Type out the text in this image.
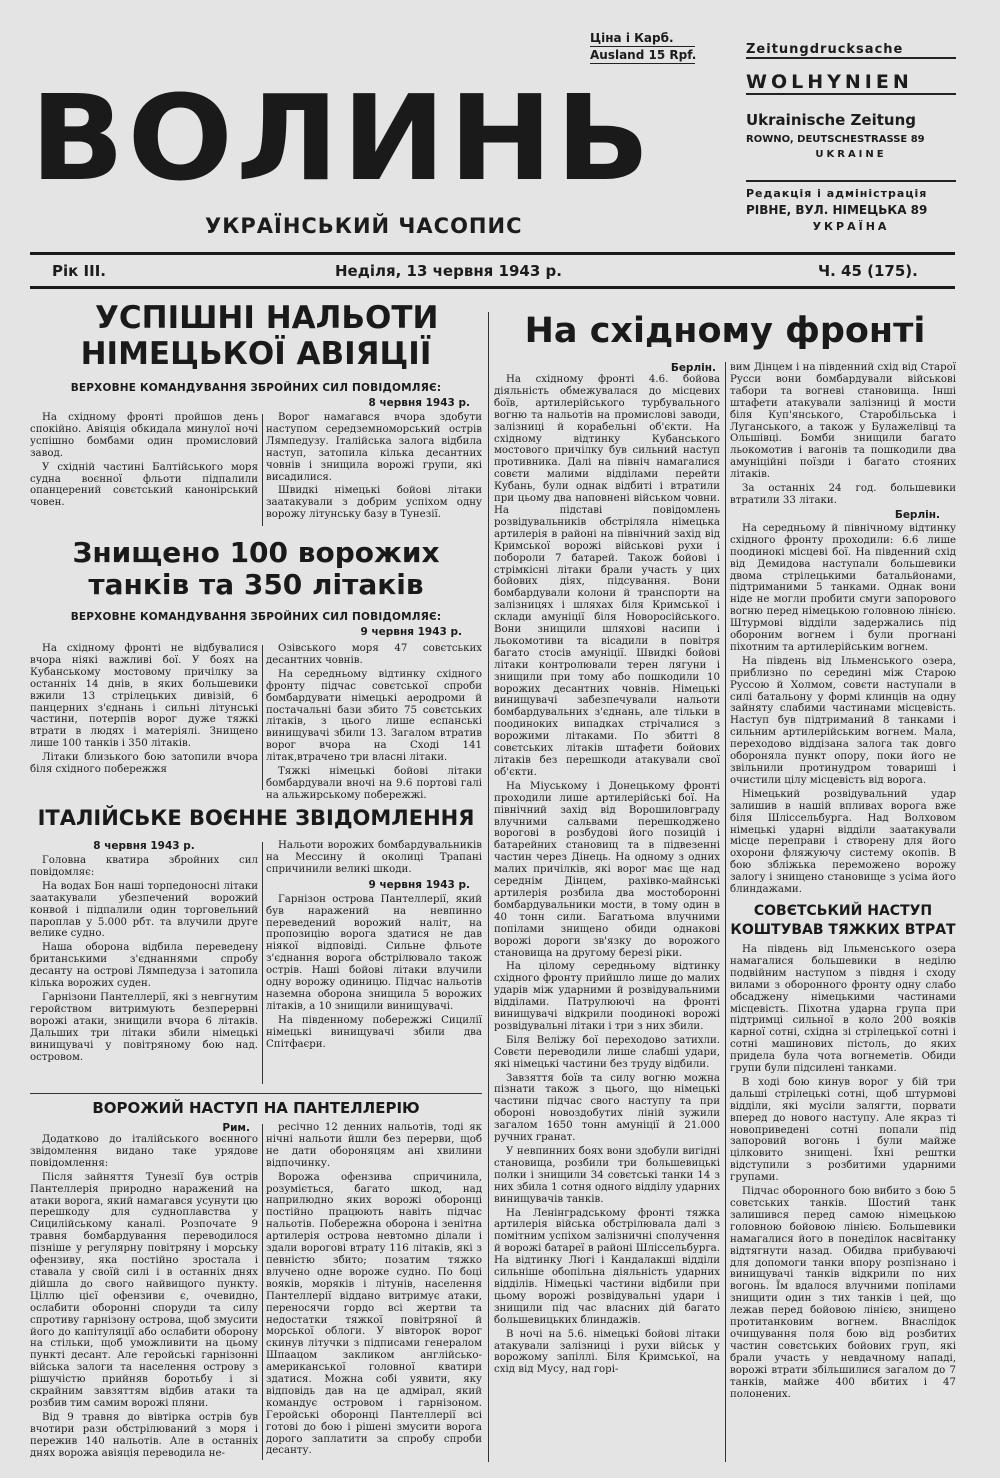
ВОЛИНЬ
УКРАЇНСЬКИЙ ЧАСОПИС
Ціна і Карб.
Ausland 15 Rpf.	Zeitungdrucksache
WOLHYNIEN
Ukrainische Zeitung
ROWNO, DEUTSCHESTRASSE 89
UKRAINE
Редакція і адміністрація
РІВНЕ, ВУЛ. НІМЕЦЬКА 89
УКРАЇНА
Рік III.	Неділя, 13 червня 1943 р.	Ч. 45 (175).
УСПІШНІ НАЛЬОТИ
НІМЕЦЬКОЇ АВІЯЦІЇ
ВЕРХОВНЕ КОМАНДУВАННЯ ЗБРОЙНИХ СИЛ ПОВІДОМЛЯЄ:
8 червня 1943 р.

На східному фронті пройшов день спокійно. Авіяція обкидала минулої ночі успішно бомбами один промисловий завод.

У східній частині Балтійського моря судна воєнної фльоти підпалили опанцерений совєтський канонірський човен.

Ворог намагався вчора здобути наступом середземноморський острів Лямпедузу. Італійська залога відбила наступ, затопила кілька десантних човнів і знищила ворожі групи, які висадилися.

Швидкі німецькі бойові літаки заатакували з добрим успіхом одну ворожу літунську базу в Тунезії.

Знищено 100 ворожих
танків та 350 літаків
ВЕРХОВНЕ КОМАНДУВАННЯ ЗБРОЙНИХ СИЛ ПОВІДОМЛЯЄ:
9 червня 1943 р.

На східному фронті не відбувалися вчора ніякі важливі бої. У боях на Кубанському мостовому причілку за останніх 14 днів, в яких большевики вжили 13 стрілецьких дивізій, 6 панцерних з'єднань і сильні літунські частини, потерпів ворог дуже тяжкі втрати в людях і матеріялі. Знищено лише 100 танків і 350 літаків.

Літаки близького бою затопили вчора біля східного побережжя

Озівського моря 47 совєтських десантних човнів.

На середньому відтинку східного фронту підчас совєтської спроби бомбардувати німецькі аеродроми й постачальні бази збито 75 совєтських літаків, з цього лише еспанські винищувачі збили 13. Загалом втратив ворог вчора на Сході 141 літак,втрачено три власні літаки.

Тяжкі німецькі бойові літаки бомбардували вночі на 9.6 портові галі на альжирському побережжі.

ІТАЛІЙСЬКЕ ВОЄННЕ ЗВІДОМЛЕННЯ
8 червня 1943 р.

Головна кватира збройних сил повідомляє:

На водах Бон наші торпедоносні літаки заатакували убезпечений ворожий конвой і підпалили один торговельний пароплав у 5.000 рбт. та влучили друге велике судно.

Наша оборона відбила переведену британськими з'єднаннями спробу десанту на острові Лямпедуза і затопила кілька ворожих суден.

Гарнізони Пантеллерії, які з невгнутим геройством витримують безперервні ворожі атаки, знищили вчора 6 літаків. Дальших три літаки збили німецькі винищувачі у повітряному бою над. островом.

Нальоти ворожих бомбардувальників на Мессину й околиці Трапані спричинили великі шкоди.

9 червня 1943 р.

Гарнізон острова Пантеллерії, який був наражений на невпинно переведений ворожий наліт, на пропозицію ворога здатися не дав ніякої відповіді. Сильне фльоте з'єднання ворога обстрілювало також острів. Наші бойові літаки влучили одну ворожу одиницю. Підчас нальотів наземна оборона знищила 5 ворожих літаків, а 10 знищили винищувачі.

На південному побережжі Сицилії німецькі винищувачі збили два Спітфаєри.

ВОРОЖИЙ НАСТУП НА ПАНТЕЛЛЕРІЮ
Рим.

Додатково до італійського воєнного звідомлення видано таке урядове повідомлення:

Після зайняття Тунезії був острів Пантеллерія природно наражений на атаки ворога, який намагався усунути цю перешкоду для судноплавства у Сицилійському каналі. Розпочате 9 травня бомбардування переводилося пізніше у регулярну повітряну і морську офензиву, яка постійно зростала і ставала у своїй силі і в останніх днях дійшла до свого найвищого пункту. Ціллю цієї офензиви є, очевидно, ослабити оборонні споруди та силу спротиву гарнізону острова, щоб змусити його до капітуляції або ослабити оборону на стільки, щоб уможливити на цьому пункті десант. Але геройські гарнізонні війська залоги та населення острову з рішучістю прийняв боротьбу і зі скрайним завзяттям відбив атаки та розбив тим самим ворожі пляни.

Від 9 травня до вівтірка острів був вчотири рази обстрілюваний з моря і пережив 140 нальотів. Але в останніх днях ворожа авіяція переводила не-

ресічно 12 денних нальотів, тоді як нічні нальоти йшли без перерви, щоб не дати обороняцям ані хвилини відпочинку.

Ворожа офензива спричинила, розуміється, багато шкод, над наприлюдно яких ворожі оборонці постійно працюють навіть підчас нальотів. Побережна оборона і зенітна артилерія острова невтомно ділали і здали ворогові втрату 116 літаків, які з певністю збито; позатим тяжко влучено одне вороже судно. По боці вояків, моряків і літунів, населення Пантеллерії віддано витримує атаки, переносячи гордо всі жертви та недостатки тяжкої повітряної й морської облоги. У вівторок ворог скинув літучки з підписами генералом Шпаацом закликом англійсько-американської головної кватири здатися. Можна собі уявити, яку відповідь дав на це адмірал, який командує островом і гарнізоном. Геройські оборонці Пантеллерії всі готові до бою і рішені змусити ворога дорого заплатити за спробу спроби десанту.

На східному фронті
Берлін.

На східному фронті 4.6. бойова діяльність обмежувалася до місцевих боїв, артилерійського турбувального вогню та нальотів на промислові заводи, залізниці й корабельні об'єкти. На східному відтинку Кубанського мостового причілку був сильний наступ противника. Далі на північ намагалися совєти малими відділами перейти Кубань, були однак відбиті і втратили при цьому два наповнені військом човни. На підставі повідомлень розвідувальників обстріляла німецька артилерія в районі на північний захід від Кримської ворожі військові рухи і побороли 7 батарей. Також бойові і стрімкісні літаки брали участь у цих бойових діях, підсування. Вони бомбардували колони й транспорти на залізницях і шляхах біля Кримської і склади амуніції біля Новоросійського. Вони знищили шляхові насипи і льокомотиви та вісадили в повітря багато стосів амуніції. Швидкі бойові літаки контролювали терен лягуни і знищили при тому або пошкодили 10 ворожих десантних човнів. Німецькі винищувачі забезпечували нальоти бомбардувальних з'єднань, але тільки в поодиноких випадках стрічалися з ворожими літаками. По збитті 8 совєтських літаків штафети бойових літаків без перешкоди атакували свої об'єкти.

На Міуському і Донецькому фронті проходили лише артилерійські бої. На північний захід від Ворошиловграду влучними сальвами перешкоджено ворогові в розбудові його позицій і батарейних становищ та в підвезенні частин через Дінець. На одному з одних малих причілків, які ворог має ще над середнім Дінцем, рахівко-майнські артилерія розбила два мостоборонні бомбардувальники мости, в тому один в 40 тонн сили. Багатьома влучними попілами знищено обиди однакові ворожі дороги зв'язку до ворожого становища на другому березі ріки.

На цілому середньому відтинку східного фронту прийшло лише до малих ударів між ударними й розвідувальними відділами. Патрулюючі на фронті винищувачі відкрили поодинокі ворожі розвідувальні літаки і три з них збили.

Біля Веліжу бої переходово затихли. Совєти переводили лише слабші удари, які німецькі частини без труду відбили.

Завзяття боїв та силу вогню можна пізнати також з цього, що німецькі частини підчас свого наступу та при обороні новоздобутих ліній зужили загалом 1650 тонн амуніції й 21.000 ручних гранат.

У невпинних боях вони здобули вигідні становища, розбили три большевицькі полки і знищили 34 совєтські танки 14 з них збила 1 сотня одного відділу ударних винищувачів танків.

На Ленінградському фронті тяжка артилерія війська обстрілювала далі з помітним успіхом залізничні сполучення й ворожі батареї в районі Шліссельбурга. На відтинку Люгі і Кандалакші відділи сильніше обопільна діяльність ударних відділів. Німецькі частини відбили при цьому ворожі розвідувальні удари і знищили під час власних дій багато большевицьких блиндажів.

В ночі на 5.6. німецькі бойові літаки атакували залізниці і рухи військ у ворожому запіллі. Біля Кримської, на схід від Мусу, над горі-

вим Дінцем і на південний схід від Старої Русси вони бомбардували військові табори та вогневі становища. Інші штафети атакували залізниці й мости біля Куп'янського, Старобільська і Луганського, а також у Булажелівці та Ольшівці. Бомби знищили багато льокомотив і вагонів та пошкодили два амуніційні поїзди і багато стояних літаків.

За останніх 24 год. большевики втратили 33 літаки.

Берлін.

На середньому й північному відтинку східного фронту проходили: 6.6 лише поодинокі місцеві бої. На південний схід від Демидова наступали большевики двома стрілецькими батальйонами, підтриманими 5 танками. Однак вони ніде не могли пробити смуги запорового вогню перед німецькою головною лінією. Штурмові відділи задержались під обороним вогнем і були прогнані піхотним та артилерійським вогнем.

На південь від Ільменського озера, приблизно по середині між Старою Руссою й Холмом, совєти наступали в силі батальону у формі клинців на одну зайняту слабими частинами місцевість. Наступ був підтриманий 8 танками і сильним артилерійським вогнем. Мала, переходово віддізана залога так довго обороняла пункт опору, поки його не звільнили протинудром товариші і очистили цілу місцевість від ворога.

Німецький розвідувальний удар залишив в нашій впливах ворога вже біля Шліссельбурга. Над Волховом німецькі ударні відділи заатакували місце переправи і створену для його охорони фляжуючу систему окопів. В бою збліжька переможено ворожу залогу і знищено становище з усіма його блиндажами.

СОВЄТСЬКИЙ НАСТУП
КОШТУВАВ ТЯЖКИХ ВТРАТ

На південь від Ільменського озера намагалися большевики в неділю подвійним наступом з півдня і сходу вилами з оборонного фронту одну слабо обсаджену німецькими частинами місцевість. Піхотна ударна група при підтримці сильної в коло 200 вояків карної сотні, східна зі стрілецької сотні і сотні машинових пістоль, до яких придела була чота вогнеметів. Обиди групи були підсилені танками.

В ході бою кинув ворог у бій три дальші стрілецькі сотні, щоб штурмові відділи, які мусіли залягти, порвати вперед до нового наступу. Але якраз ті новоприведені сотні попали під запоровий вогонь і були майже цілковито знищені. Їхні рештки відступили з розбитими ударними групами.

Підчас оборонного бою вибито з бою 5 совєтських танків. Шостий танк залишився перед самою німецькою головною бойовою лінією. Большевики намагалися його в понеділок насвітанку відтягнути назад. Обидва прибуваючі для допомоги танки впору розпізнано і винищувачі танків відкрили по них вогонь. Їм вдалося влучними попілами знищити один з тих танків і цей, що лежав перед бойовою лінією, знищено протитанковим вогнем. Внаслідок очищування поля бою від розбитих частин совєтських бойових груп, які брали участь у невдачному нападі, ворожі втрати збільшилися загалом до 7 танків, майже 400 вбитих і 47 полонених.
